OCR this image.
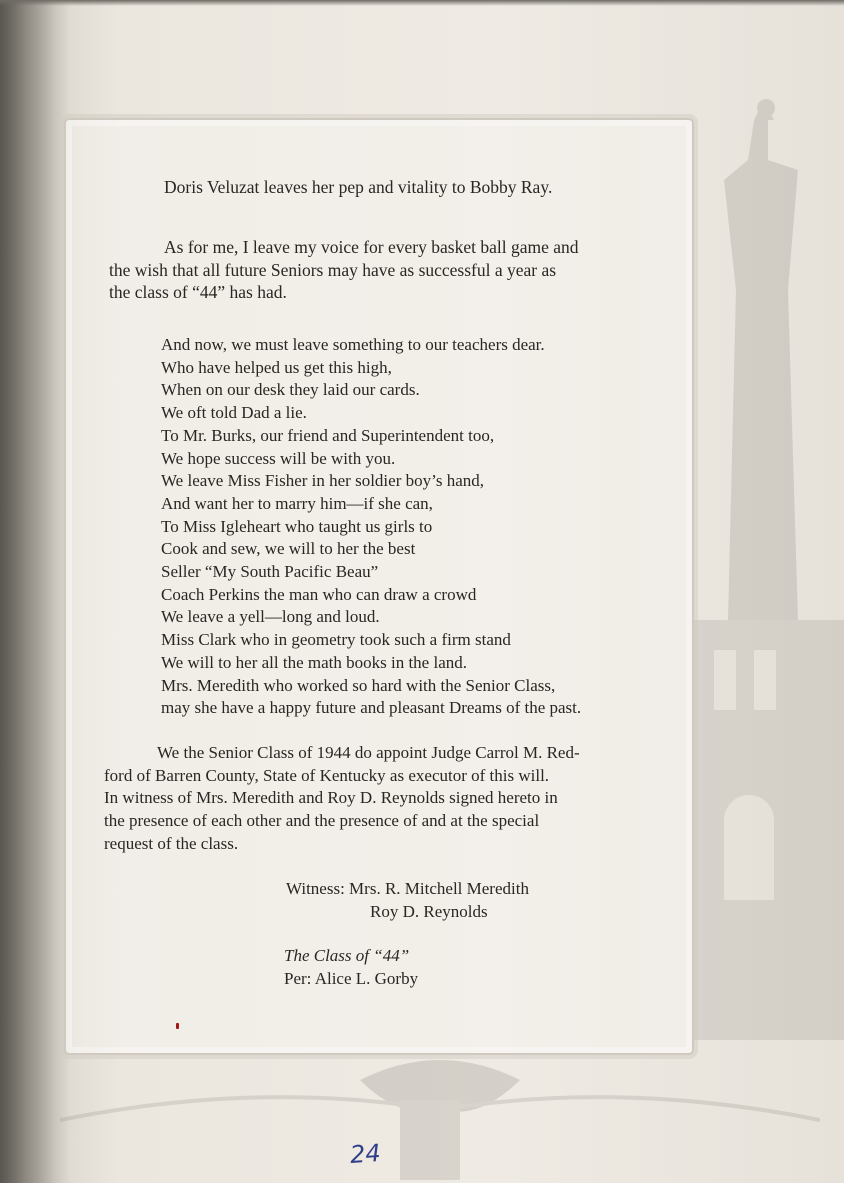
Doris Veluzat leaves her pep and vitality to Bobby Ray.
As for me, I leave my voice for every basket ball game and
the wish that all future Seniors may have as successful a year as
the class of “44” has had.
And now, we must leave something to our teachers dear.
Who have helped us get this high,
When on our desk they laid our cards.
We oft told Dad a lie.
To Mr. Burks, our friend and Superintendent too,
We hope success will be with you.
We leave Miss Fisher in her soldier boy’s hand,
And want her to marry him—if she can,
To Miss Igleheart who taught us girls to
Cook and sew, we will to her the best
Seller “My South Pacific Beau”
Coach Perkins the man who can draw a crowd
We leave a yell—long and loud.
Miss Clark who in geometry took such a firm stand
We will to her all the math books in the land.
Mrs. Meredith who worked so hard with the Senior Class,
may she have a happy future and pleasant Dreams of the past.
We the Senior Class of 1944 do appoint Judge Carrol M. Red-
ford of Barren County, State of Kentucky as executor of this will.
In witness of Mrs. Meredith and Roy D. Reynolds signed hereto in
the presence of each other and the presence of and at the special
request of the class.
Witness: Mrs. R. Mitchell Meredith
Roy D. Reynolds
The Class of “44”
Per: Alice L. Gorby
24
